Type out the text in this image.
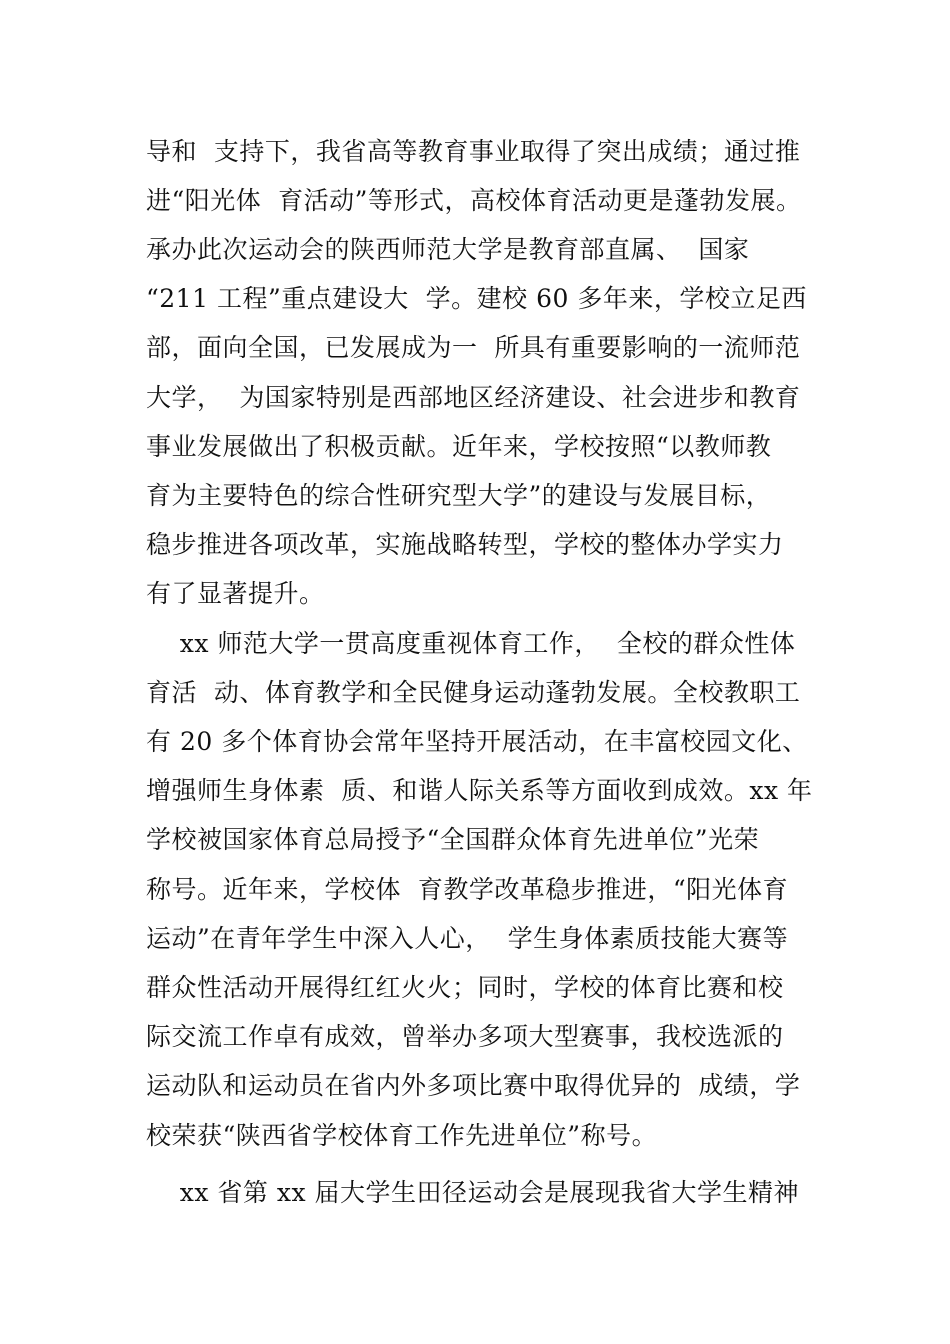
导和  支持下，我省高等教育事业取得了突出成绩；通过推
进“阳光体  育活动”等形式，高校体育活动更是蓬勃发展。
承办此次运动会的陕西师范大学是教育部直属、  国家
“211 工程”重点建设大  学。建校 60 多年来，学校立足西
部，面向全国，已发展成为一  所具有重要影响的一流师范
大学，  为国家特别是西部地区经济建设、社会进步和教育
事业发展做出了积极贡献。近年来，学校按照“以教师教
育为主要特色的综合性研究型大学”的建设与发展目标，
稳步推进各项改革，实施战略转型，学校的整体办学实力
有了显著提升。
xx 师范大学一贯高度重视体育工作，  全校的群众性体
育活  动、体育教学和全民健身运动蓬勃发展。全校教职工
有 20 多个体育协会常年坚持开展活动，在丰富校园文化、
增强师生身体素  质、和谐人际关系等方面收到成效。xx 年
学校被国家体育总局授予“全国群众体育先进单位”光荣
称号。近年来，学校体  育教学改革稳步推进，“阳光体育
运动”在青年学生中深入人心，  学生身体素质技能大赛等
群众性活动开展得红红火火；同时，学校的体育比赛和校
际交流工作卓有成效，曾举办多项大型赛事，我校选派的
运动队和运动员在省内外多项比赛中取得优异的  成绩，学
校荣获“陕西省学校体育工作先进单位”称号。
xx 省第 xx 届大学生田径运动会是展现我省大学生精神
